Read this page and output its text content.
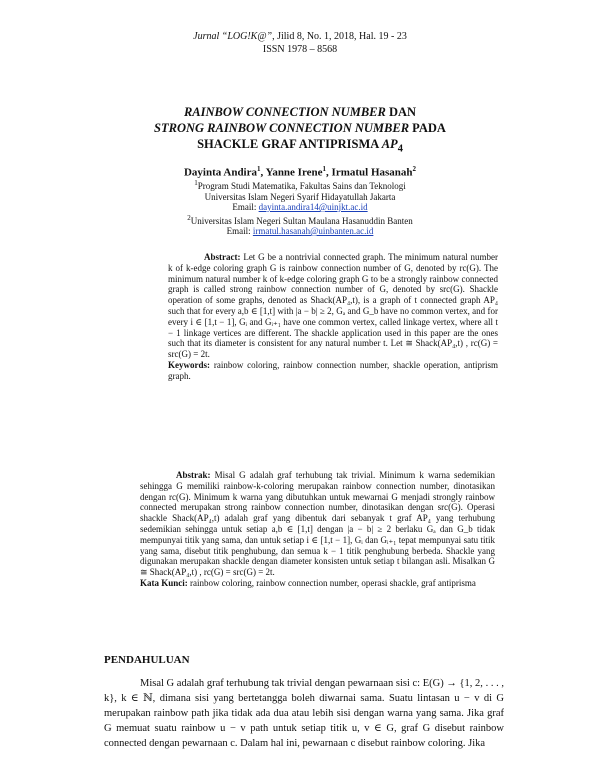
Jurnal “LOG!K@”, Jilid 8, No. 1, 2018, Hal. 19 - 23
ISSN 1978 – 8568
RAINBOW CONNECTION NUMBER DAN
STRONG RAINBOW CONNECTION NUMBER PADA
SHACKLE GRAF ANTIPRISMA $AP_4$
Dayinta Andira$^1$, Yanne Irene$^1$, Irmatul Hasanah$^2$
$^1$Program Studi Matematika, Fakultas Sains dan Teknologi
Universitas Islam Negeri Syarif Hidayatullah Jakarta
Email: dayinta.andira14@uinjkt.ac.id
$^2$Universitas Islam Negeri Sultan Maulana Hasanuddin Banten
Email: irmatul.hasanah@uinbanten.ac.id
Abstract: Let G be a nontrivial connected graph. The minimum natural number k of k-edge coloring graph G is rainbow connection number of G, denoted by rc(G). The minimum natural number k of k-edge coloring graph G to be a strongly rainbow connected graph is called strong rainbow connection number of G, denoted by src(G). Shackle operation of some graphs, denoted as Shack(AP₄,t), is a graph of t connected graph AP₄ such that for every a,b ∈ [1,t] with |a − b| ≥ 2, Gₐ and G_b have no common vertex, and for every i ∈ [1,t − 1], Gᵢ and Gᵢ₊₁ have one common vertex, called linkage vertex, where all t − 1 linkage vertices are different. The shackle application used in this paper are the ones such that its diameter is consistent for any natural number t. Let ≅ Shack(AP₄,t) , rc(G) = src(G) = 2t.
Keywords: rainbow coloring, rainbow connection number, shackle operation, antiprism graph.
Abstrak: Misal G adalah graf terhubung tak trivial. Minimum k warna sedemikian sehingga G memiliki rainbow-k-coloring merupakan rainbow connection number, dinotasikan dengan rc(G). Minimum k warna yang dibutuhkan untuk mewarnai G menjadi strongly rainbow connected merupakan strong rainbow connection number, dinotasikan dengan src(G). Operasi shackle Shack(AP₄,t) adalah graf yang dibentuk dari sebanyak t graf AP₄ yang terhubung sedemikian sehingga untuk setiap a,b ∈ [1,t] dengan |a − b| ≥ 2 berlaku Gₐ dan G_b tidak mempunyai titik yang sama, dan untuk setiap i ∈ [1,t − 1], Gᵢ dan Gᵢ₊₁ tepat mempunyai satu titik yang sama, disebut titik penghubung, dan semua k − 1 titik penghubung berbeda. Shackle yang digunakan merupakan shackle dengan diameter konsisten untuk setiap t bilangan asli. Misalkan G ≅ Shack(AP₄,t) , rc(G) = src(G) = 2t.
Kata Kunci: rainbow coloring, rainbow connection number, operasi shackle, graf antiprisma
PENDAHULUAN
Misal G adalah graf terhubung tak trivial dengan pewarnaan sisi c: E(G) → {1, 2, . . . , k}, k ∈ ℕ, dimana sisi yang bertetangga boleh diwarnai sama. Suatu lintasan u − v di G merupakan rainbow path jika tidak ada dua atau lebih sisi dengan warna yang sama. Jika graf G memuat suatu rainbow u − v path untuk setiap titik u, v ∈ G, graf G disebut rainbow connected dengan pewarnaan c. Dalam hal ini, pewarnaan c disebut rainbow coloring. Jika
